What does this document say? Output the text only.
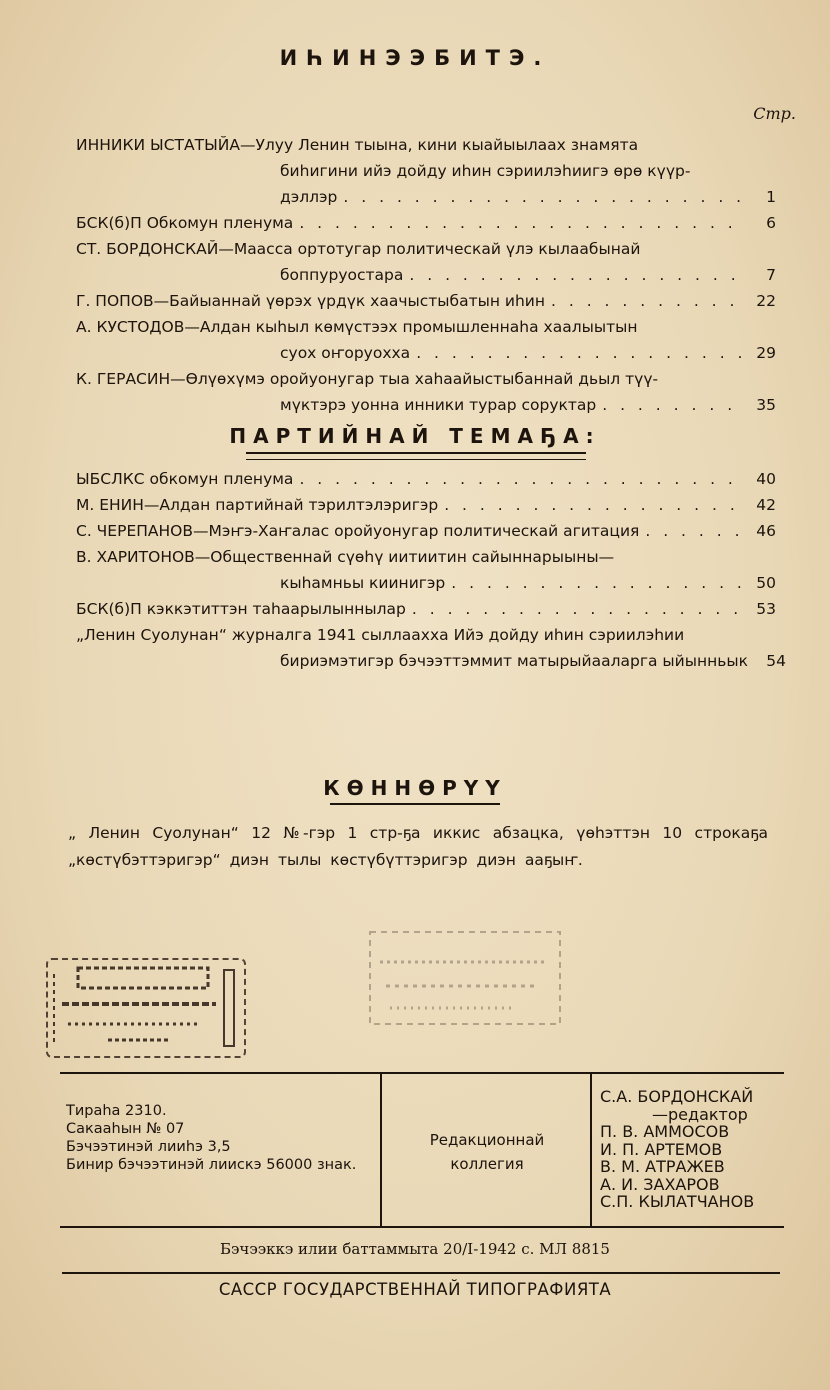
ИҺИНЭЭБИТЭ.
Стр.
ИННИКИ ЫСТАТЫЙА—Улуу Ленин тыына, кини кыайыылаах знамята
биһигини ийэ дойду иһин сэриилэһиигэ өрө күүр-
дэллэр . . .	1
БСК(б)П Обкомун пленума . . .	6
СТ. БОРДОНСКАЙ—Маасса ортотугар политическай үлэ кылаабынай
боппуруостара . . .	7
Г. ПОПОВ—Байыаннай үөрэх үрдүк хаачыстыбатын иһин . . .	22
А. КУСТОДОВ—Алдан кыһыл көмүстээх промышленнаһа хаалыытын
суох оҥоруохха . . .	29
К. ГЕРАСИН—Өлүөхүмэ оройуонугар тыа хаһаайыстыбаннай дьыл түү-
мүктэрэ уонна инники турар соруктар . . .	35
ПАРТИЙНАЙ ТЕМАҔА:
ЫБСЛКС обкомун пленума . . .	40
М. ЕНИН—Алдан партийнай тэрилтэлэригэр . . .	42
С. ЧЕРЕПАНОВ—Мэҥэ-Хаҥалас оройуонугар политическай агитация . . .	46
В. ХАРИТОНОВ—Общественнай сүөһү иитиитин сайыннарыыны—
кыһамньы киинигэр . . .	50
БСК(б)П кэккэтиттэн таһаарылыннылар . . .	53
„Ленин Суолунан“ журналга 1941 сыллаахха Ийэ дойду иһин сэриилэһии
бириэмэтигэр бэчээттэммит матырыйааларга ыйынньык	54
КӨННӨРҮҮ
„ Ленин Суолунан“ 12 №-гэр 1 стр-ҕа иккис абзацка, үөһэттэн 10 строкаҕа „көстүбэттэригэр“ диэн тылы көстүбүттэригэр диэн ааҕыҥ.
Тираһа 2310.
Сакааһын № 07
Бэчээтинэй лииһэ 3,5
Бинир бэчээтинэй лиискэ 56000 знак.
Редакционнай
коллегия
С.А. БОРДОНСКАЙ
—редактор
П. В. АММОСОВ
И. П. АРТЕМОВ
В. М. АТРАЖЕВ
А. И. ЗАХАРОВ
С.П. КЫЛАТЧАНОВ
Бэчээккэ илии баттаммыта 20/I-1942 с. МЛ 8815
САССР ГОСУДАРСТВЕННАЙ ТИПОГРАФИЯТА
